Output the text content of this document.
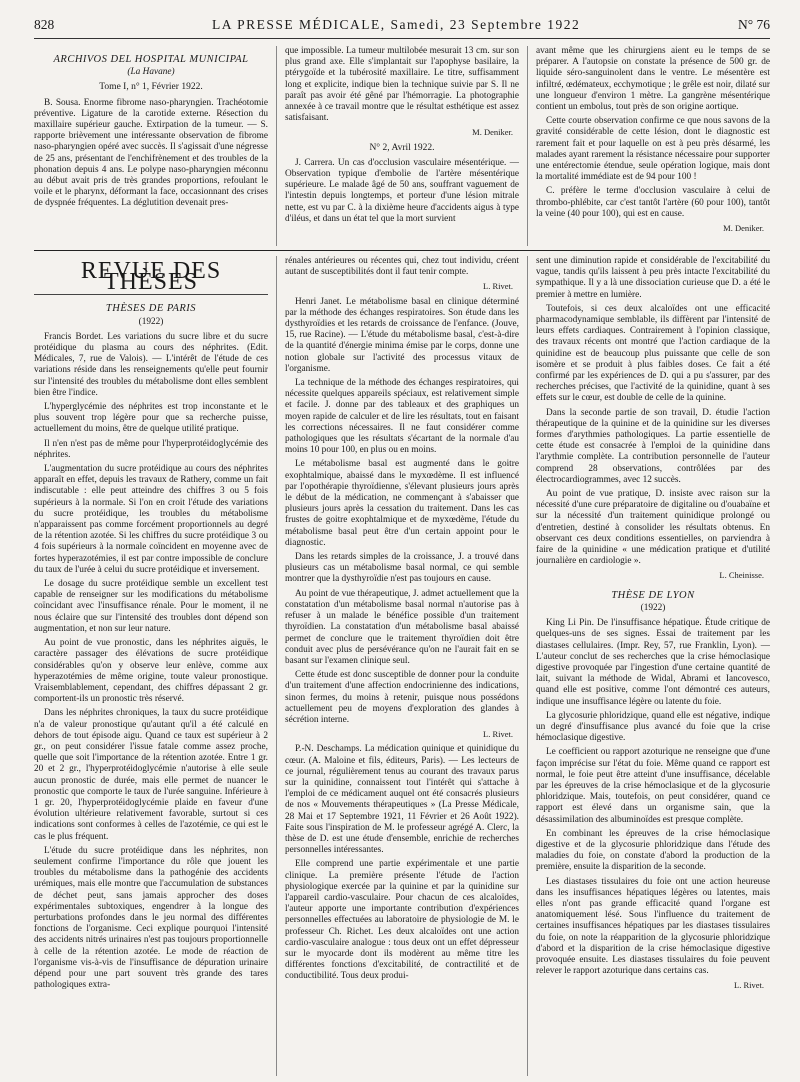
828	LA PRESSE MÉDICALE, Samedi, 23 Septembre 1922	N° 76
ARCHIVOS DEL HOSPITAL MUNICIPAL
(La Havane)
Tome I, n° 1, Février 1922.

B. Sousa. Enorme fibrome naso-pharyngien. Trachéotomie préventive. Ligature de la carotide externe. Résection du maxillaire supérieur gauche. Extirpation de la tumeur. — S. rapporte brièvement une intéressante observation de fibrome naso-pharyngien opéré avec succès. Il s'agissait d'une négresse de 25 ans, présentant de l'enchifrènement et des troubles de la phonation depuis 4 ans. Le polype naso-pharyngien méconnu au début avait pris de très grandes proportions, refoulant le voile et le pharynx, déformant la face, occasionnant des crises de dyspnée fréquentes. La déglutition devenait pres-

que impossible. La tumeur multilobée mesurait 13 cm. sur son plus grand axe. Elle s'implantait sur l'apophyse basilaire, la ptérygoïde et la tubérosité maxillaire. Le titre, suffisamment long et explicite, indique bien la technique suivie par S. Il ne paraît pas avoir été gêné par l'hémorragie. La photographie annexée à ce travail montre que le résultat esthétique est assez satisfaisant.

M. Deniker.
N° 2, Avril 1922.

J. Carrera. Un cas d'occlusion vasculaire mésentérique. — Observation typique d'embolie de l'artère mésentérique supérieure. Le malade âgé de 50 ans, souffrant vaguement de l'intestin depuis longtemps, et porteur d'une lésion mitrale nette, est vu par C. à la dixième heure d'accidents aigus à type d'iléus, et dans un état tel que la mort survient

avant même que les chirurgiens aient eu le temps de se préparer. A l'autopsie on constate la présence de 500 gr. de liquide séro-sanguinolent dans le ventre. Le mésentère est infiltré, œdémateux, ecchymotique ; le grêle est noir, dilaté sur une longueur d'environ 1 mètre. La gangrène mésentérique contient un embolus, tout près de son origine aortique.

Cette courte observation confirme ce que nous savons de la gravité considérable de cette lésion, dont le diagnostic est rarement fait et pour laquelle on est à peu près désarmé, les malades ayant rarement la résistance nécessaire pour supporter une entérectomie étendue, seule opération logique, mais dont la mortalité immédiate est de 94 pour 100 !

C. préfère le terme d'occlusion vasculaire à celui de thrombo-phlébite, car c'est tantôt l'artère (60 pour 100), tantôt la veine (40 pour 100), qui est en cause.

M. Deniker.
REVUE DES THÈSES
THÈSES DE PARIS
(1922)

Francis Bordet. Les variations du sucre libre et du sucre protéidique du plasma au cours des néphrites. (Edit. Médicales, 7, rue de Valois). — L'intérêt de l'étude de ces variations réside dans les renseignements qu'elle peut fournir sur l'intensité des troubles du métabolisme dont elles semblent bien être l'indice.

L'hyperglycémie des néphrites est trop inconstante et le plus souvent trop légère pour que sa recherche puisse, actuellement du moins, être de quelque utilité pratique.

Il n'en n'est pas de même pour l'hyperprotéidoglycémie des néphrites.

L'augmentation du sucre protéidique au cours des néphrites apparaît en effet, depuis les travaux de Rathery, comme un fait indiscutable : elle peut atteindre des chiffres 3 ou 5 fois supérieurs à la normale. Si l'on en croit l'étude des variations du sucre protéidique, les troubles du métabolisme n'apparaissent pas comme forcément proportionnels au degré de la rétention azotée. Si les chiffres du sucre protéidique 3 ou 4 fois supérieurs à la normale coïncident en moyenne avec de fortes hyperazotémies, il est par contre impossible de conclure du taux de l'urée à celui du sucre protéidique et inversement.

Le dosage du sucre protéidique semble un excellent test capable de renseigner sur les modifications du métabolisme coïncidant avec l'insuffisance rénale. Pour le moment, il ne nous éclaire que sur l'intensité des troubles dont dépend son augmentation, et non sur leur nature.

Au point de vue pronostic, dans les néphrites aiguës, le caractère passager des élévations de sucre protéidique considérables qu'on y observe leur enlève, comme aux hyperazotémies de même origine, toute valeur pronostique. Vraisemblablement, cependant, des chiffres dépassant 2 gr. comportent-ils un pronostic très réservé.

Dans les néphrites chroniques, la taux du sucre protéidique n'a de valeur pronostique qu'autant qu'il a été calculé en dehors de tout épisode aigu. Quand ce taux est supérieur à 2 gr., on peut considérer l'issue fatale comme assez proche, quelle que soit l'importance de la rétention azotée. Entre 1 gr. 20 et 2 gr., l'hyperprotéidoglycémie n'autorise à elle seule aucun pronostic de durée, mais elle permet de nuancer le pronostic que comporte le taux de l'urée sanguine. Inférieure à 1 gr. 20, l'hyperprotéidoglycémie plaide en faveur d'une évolution ultérieure relativement favorable, surtout si ces indications sont conformes à celles de l'azotémie, ce qui est le cas le plus fréquent.

L'étude du sucre protéidique dans les néphrites, non seulement confirme l'importance du rôle que jouent les troubles du métabolisme dans la pathogénie des accidents urémiques, mais elle montre que l'accumulation de substances de déchet peut, sans jamais approcher des doses expérimentales subtoxiques, engendrer à la longue des perturbations profondes dans le jeu normal des différentes fonctions de l'organisme. Ceci explique pourquoi l'intensité des accidents nitrés urinaires n'est pas toujours proportionnelle à celle de la rétention azotée. Le mode de réaction de l'organisme vis-à-vis de l'insuffisance de dépuration urinaire dépend pour une part souvent très grande des tares pathologiques extra-

rénales antérieures ou récentes qui, chez tout individu, créent autant de susceptibilités dont il faut tenir compte.

L. Rivet.

Henri Janet. Le métabolisme basal en clinique déterminé par la méthode des échanges respiratoires. Son étude dans les dysthyroïdies et les retards de croissance de l'enfance. (Jouve, 15, rue Racine). — L'étude du métabolisme basal, c'est-à-dire de la quantité d'énergie minima émise par le corps, donne une notion globale sur l'activité des processus vitaux de l'organisme.

La technique de la méthode des échanges respiratoires, qui nécessite quelques appareils spéciaux, est relativement simple et facile. J. donne par des tableaux et des graphiques un moyen rapide de calculer et de lire les résultats, tout en faisant les corrections nécessaires. Il ne faut considérer comme pathologiques que les résultats s'écartant de la normale d'au moins 10 pour 100, en plus ou en moins.

Le métabolisme basal est augmenté dans le goitre exophtalmique, abaissé dans le myxœdème. Il est influencé par l'opothérapie thyroïdienne, s'élevant plusieurs jours après le début de la médication, ne commençant à s'abaisser que plusieurs jours après la cessation du traitement. Dans les cas frustes de goitre exophtalmique et de myxœdème, l'étude du métabolisme basal peut être d'un certain appoint pour le diagnostic.

Dans les retards simples de la croissance, J. a trouvé dans plusieurs cas un métabolisme basal normal, ce qui semble montrer que la dysthyroïdie n'est pas toujours en cause.

Au point de vue thérapeutique, J. admet actuellement que la constatation d'un métabolisme basal normal n'autorise pas à refuser à un malade le bénéfice possible d'un traitement thyroïdien. La constatation d'un métabolisme basal abaissé permet de conclure que le traitement thyroïdien doit être conduit avec plus de persévérance qu'on ne l'aurait fait en se basant sur l'examen clinique seul.

Cette étude est donc susceptible de donner pour la conduite d'un traitement d'une affection endocrinienne des indications, sinon fermes, du moins à retenir, puisque nous possédons actuellement peu de moyens d'exploration des glandes à sécrétion interne.

L. Rivet.

P.-N. Deschamps. La médication quinique et quinidique du cœur. (A. Maloine et fils, éditeurs, Paris). — Les lecteurs de ce journal, régulièrement tenus au courant des travaux parus sur la quinidine, connaissent tout l'intérêt qui s'attache à l'emploi de ce médicament auquel ont été consacrés plusieurs de nos « Mouvements thérapeutiques » (La Presse Médicale, 28 Mai et 17 Septembre 1921, 11 Février et 26 Août 1922). Faite sous l'inspiration de M. le professeur agrégé A. Clerc, la thèse de D. est une étude d'ensemble, enrichie de recherches personnelles intéressantes.

Elle comprend une partie expérimentale et une partie clinique. La première présente l'étude de l'action physiologique exercée par la quinine et par la quinidine sur l'appareil cardio-vasculaire. Pour chacun de ces alcaloïdes, l'auteur apporte une importante contribution d'expériences personnelles effectuées au laboratoire de physiologie de M. le professeur Ch. Richet. Les deux alcaloïdes ont une action cardio-vasculaire analogue : tous deux ont un effet dépresseur sur le myocarde dont ils modèrent au même titre les différentes fonctions d'excitabilité, de contractilité et de conductibilité. Tous deux produi-

sent une diminution rapide et considérable de l'excitabilité du vague, tandis qu'ils laissent à peu près intacte l'excitabilité du sympathique. Il y a là une dissociation curieuse que D. a été le premier à mettre en lumière.

Toutefois, si ces deux alcaloïdes ont une efficacité pharmacodynamique semblable, ils diffèrent par l'intensité de leurs effets cardiaques. Contrairement à l'opinion classique, des travaux récents ont montré que l'action cardiaque de la quinidine est de beaucoup plus puissante que celle de son isomère et se produit à plus faibles doses. Ce fait a été confirmé par les expériences de D. qui a pu s'assurer, par des recherches précises, que l'activité de la quinidine, quant à ses effets sur le cœur, est double de celle de la quinine.

Dans la seconde partie de son travail, D. étudie l'action thérapeutique de la quinine et de la quinidine sur les diverses formes d'arythmies pathologiques. La partie essentielle de cette étude est consacrée à l'emploi de la quinidine dans l'arythmie complète. La contribution personnelle de l'auteur comprend 28 observations, contrôlées par des électrocardiogrammes, avec 12 succès.

Au point de vue pratique, D. insiste avec raison sur la nécessité d'une cure préparatoire de digitaline ou d'ouabaïne et sur la nécessité d'un traitement quinidique prolongé ou d'entretien, destiné à consolider les résultats obtenus. En observant ces deux conditions essentielles, on parviendra à faire de la quinidine « une médication pratique et d'utilité journalière en cardiologie ».

L. Cheinisse.
THÈSE DE LYON
(1922)

King Li Pin. De l'insuffisance hépatique. Étude critique de quelques-uns de ses signes. Essai de traitement par les diastases cellulaires. (Impr. Rey, 57, rue Franklin, Lyon). — L'auteur conclut de ses recherches que la crise hémoclasique digestive provoquée par l'ingestion d'une certaine quantité de lait, suivant la méthode de Widal, Abrami et Iancovesco, quand elle est positive, comme l'ont démontré ces auteurs, indique une insuffisance légère ou latente du foie.

La glycosurie phloridzique, quand elle est négative, indique un degré d'insuffisance plus avancé du foie que la crise hémoclasique digestive.

Le coefficient ou rapport azoturique ne renseigne que d'une façon imprécise sur l'état du foie. Même quand ce rapport est normal, le foie peut être atteint d'une insuffisance, décelable par les épreuves de la crise hémoclasique et de la glycosurie phloridzique. Mais, toutefois, on peut considérer, quand ce rapport est élevé dans un organisme sain, que la désassimilation des albuminoïdes est presque complète.

En combinant les épreuves de la crise hémoclasique digestive et de la glycosurie phloridzique dans l'étude des maladies du foie, on constate d'abord la production de la première, ensuite la disparition de la seconde.

Les diastases tissulaires du foie ont une action heureuse dans les insuffisances hépatiques légères ou latentes, mais elles n'ont pas grande efficacité quand l'organe est anatomiquement lésé. Sous l'influence du traitement de certaines insuffisances hépatiques par les diastases tissulaires du foie, on note la réapparition de la glycosurie phloridzique d'abord et la disparition de la crise hémoclasique digestive provoquée ensuite. Les diastases tissulaires du foie peuvent relever le rapport azoturique dans certains cas.

L. Rivet.
